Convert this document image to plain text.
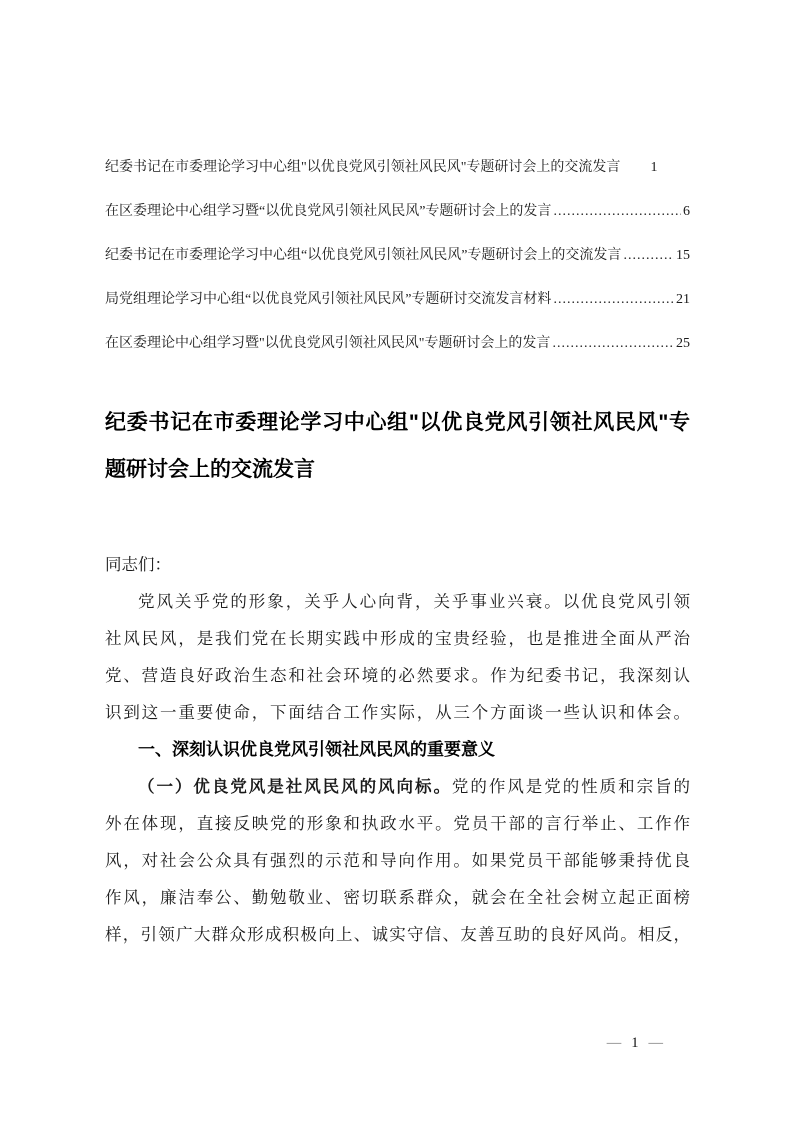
纪委书记在市委理论学习中心组"以优良党风引领社风民风"专题研讨会上的交流发言 1
在区委理论中心组学习暨“以优良党风引领社风民风”专题研讨会上的发言 .....	6
纪委书记在市委理论学习中心组“以优良党风引领社风民风”专题研讨会上的交流发言 .....	15
局党组理论学习中心组“以优良党风引领社风民风”专题研讨交流发言材料 .....	21
在区委理论中心组学习暨"以优良党风引领社风民风"专题研讨会上的发言 .....	25
纪委书记在市委理论学习中心组"以优良党风引领社风民风"专题研讨会上的交流发言
同志们：
党风关乎党的形象，关乎人心向背，关乎事业兴衰。以优良党风引领
社风民风，是我们党在长期实践中形成的宝贵经验，也是推进全面从严治
党、营造良好政治生态和社会环境的必然要求。作为纪委书记，我深刻认
识到这一重要使命，下面结合工作实际，从三个方面谈一些认识和体会。
一、深刻认识优良党风引领社风民风的重要意义
（一）优良党风是社风民风的风向标。党的作风是党的性质和宗旨的
外在体现，直接反映党的形象和执政水平。党员干部的言行举止、工作作
风，对社会公众具有强烈的示范和导向作用。如果党员干部能够秉持优良
作风，廉洁奉公、勤勉敬业、密切联系群众，就会在全社会树立起正面榜
样，引领广大群众形成积极向上、诚实守信、友善互助的良好风尚。相反，
— 1 —
